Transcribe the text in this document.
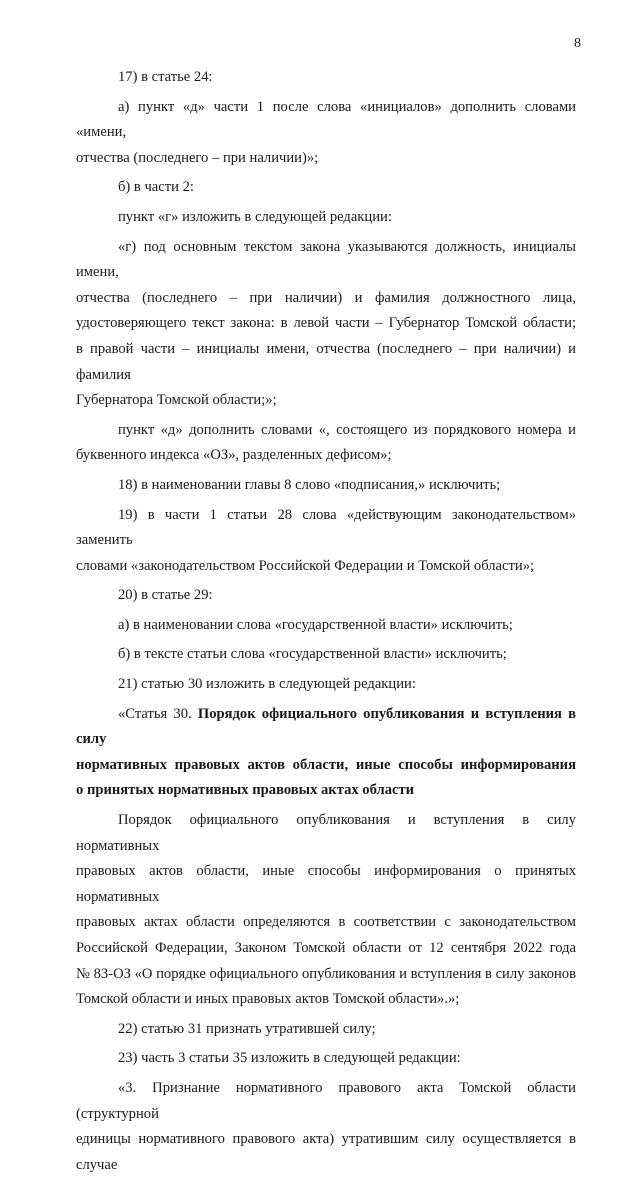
8

17) в статье 24:

а) пункт «д» части 1 после слова «инициалов» дополнить словами «имени,

отчества (последнего – при наличии)»;

б) в части 2:

пункт «г» изложить в следующей редакции:

«г) под основным текстом закона указываются должность, инициалы имени,

отчества (последнего – при наличии) и фамилия должностного лица,

удостоверяющего текст закона: в левой части – Губернатор Томской области;

в правой части – инициалы имени, отчества (последнего – при наличии) и фамилия

Губернатора Томской области;»;

пункт «д» дополнить словами «, состоящего из порядкового номера и

буквенного индекса «ОЗ», разделенных дефисом»;

18) в наименовании главы 8 слово «подписания,» исключить;

19) в части 1 статьи 28 слова «действующим законодательством» заменить

словами «законодательством Российской Федерации и Томской области»;

20) в статье 29:

а) в наименовании слова «государственной власти» исключить;

б) в тексте статьи слова «государственной власти» исключить;

21) статью 30 изложить в следующей редакции:

«Статья 30. Порядок официального опубликования и вступления в силу

нормативных правовых актов области, иные способы информирования

о принятых нормативных правовых актах области

Порядок официального опубликования и вступления в силу нормативных

правовых актов области, иные способы информирования о принятых нормативных

правовых актах области определяются в соответствии с законодательством

Российской Федерации, Законом Томской области от 12 сентября 2022 года

№ 83-ОЗ «О порядке официального опубликования и вступления в силу законов

Томской области и иных правовых актов Томской области».»;

22) статью 31 признать утратившей силу;

23) часть 3 статьи 35 изложить в следующей редакции:

«3. Признание нормативного правового акта Томской области (структурной

единицы нормативного правового акта) утратившим силу осуществляется в случае
